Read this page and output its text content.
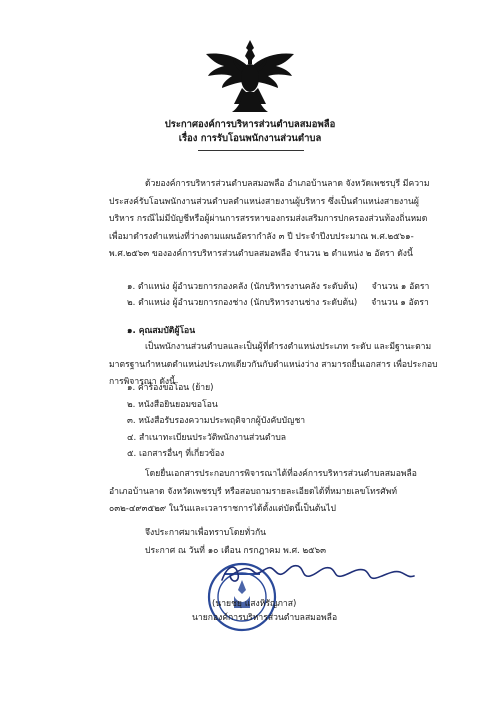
ประกาศองค์การบริหารส่วนตำบลสมอพลือ
เรื่อง การรับโอนพนักงานส่วนตำบล
ด้วยองค์การบริหารส่วนตำบลสมอพลือ อำเภอบ้านลาด จังหวัดเพชรบุรี มีความประสงค์รับโอนพนักงานส่วนตำบลตำแหน่งสายงานผู้บริหาร ซึ่งเป็นตำแหน่งสายงานผู้บริหาร กรณีไม่มีบัญชีหรือผู้ผ่านการสรรหาของกรมส่งเสริมการปกครองส่วนท้องถิ่นหมด เพื่อมาดำรงตำแหน่งที่ว่างตามแผนอัตรากำลัง ๓ ปี ประจำปีงบประมาณ พ.ศ.๒๕๖๑- พ.ศ.๒๕๖๓ ขององค์การบริหารส่วนตำบลสมอพลือ จำนวน ๒ ตำแหน่ง ๒ อัตรา ดังนี้
๑. ตำแหน่ง ผู้อำนวยการกองคลัง (นักบริหารงานคลัง ระดับต้น) จำนวน ๑ อัตรา
๒. ตำแหน่ง ผู้อำนวยการกองช่าง (นักบริหารงานช่าง ระดับต้น) จำนวน ๑ อัตรา
๑. คุณสมบัติผู้โอน
เป็นพนักงานส่วนตำบลและเป็นผู้ที่ดำรงตำแหน่งประเภท ระดับ และมีฐานะตามมาตรฐานกำหนดตำแหน่งประเภทเดียวกันกับตำแหน่งว่าง สามารถยื่นเอกสาร เพื่อประกอบการพิจารณา ดังนี้
๑. คำร้องขอโอน (ย้าย)
๒. หนังสือยินยอมขอโอน
๓. หนังสือรับรองความประพฤติจากผู้บังคับบัญชา
๔. สำเนาทะเบียนประวัติพนักงานส่วนตำบล
๕. เอกสารอื่นๆ ที่เกี่ยวข้อง
โดยยื่นเอกสารประกอบการพิจารณาได้ที่องค์การบริหารส่วนตำบลสมอพลือ อำเภอบ้านลาด จังหวัดเพชรบุรี หรือสอบถามรายละเอียดได้ที่หมายเลขโทรศัพท์ ๐๓๒-๔๙๓๕๒๙ ในวันและเวลาราชการได้ตั้งแต่บัดนี้เป็นต้นไป
จึงประกาศมาเพื่อทราบโดยทั่วกัน
ประกาศ ณ วันที่ ๑๐ เดือน กรกฎาคม พ.ศ. ๒๕๖๓
(นายชยุ แสงหิรัญภาส)
นายกองค์การบริหารส่วนตำบลสมอพลือ
